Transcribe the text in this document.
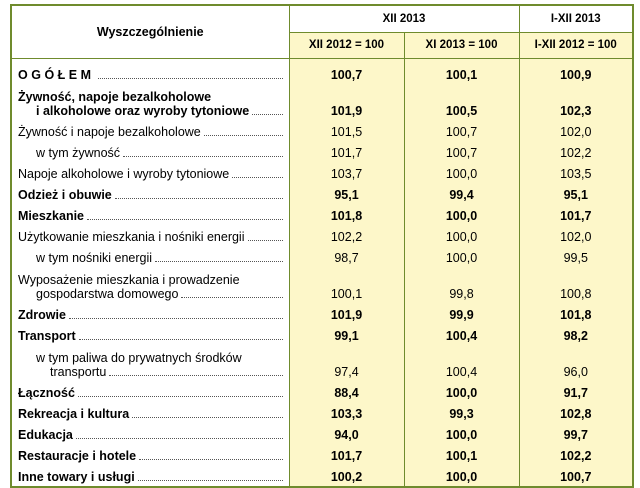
Wyszczególnienie	XII 2013		I-XII 2013
	XII 2012 = 100	XI 2013 = 100	I-XII 2012 = 100

OGÓŁEM	100,7	100,1	100,9

Żywność, napoje bezalkoholowe
i alkoholowe oraz wyroby tytoniowe	101,9	100,5	102,3

Żywność i napoje bezalkoholowe	101,5	100,7	102,0

w tym żywność	101,7	100,7	102,2

Napoje alkoholowe i wyroby tytoniowe	103,7	100,0	103,5

Odzież i obuwie	95,1	99,4	95,1

Mieszkanie	101,8	100,0	101,7

Użytkowanie mieszkania i nośniki energii	102,2	100,0	102,0

w tym nośniki energii	98,7	100,0	99,5

Wyposażenie mieszkania i prowadzenie
gospodarstwa domowego	100,1	99,8	100,8

Zdrowie	101,9	99,9	101,8

Transport	99,1	100,4	98,2

w tym paliwa do prywatnych środków
transportu	97,4	100,4	96,0

Łączność	88,4	100,0	91,7

Rekreacja i kultura	103,3	99,3	102,8

Edukacja	94,0	100,0	99,7

Restauracje i hotele	101,7	100,1	102,2

Inne towary i usługi	100,2	100,0	100,7
